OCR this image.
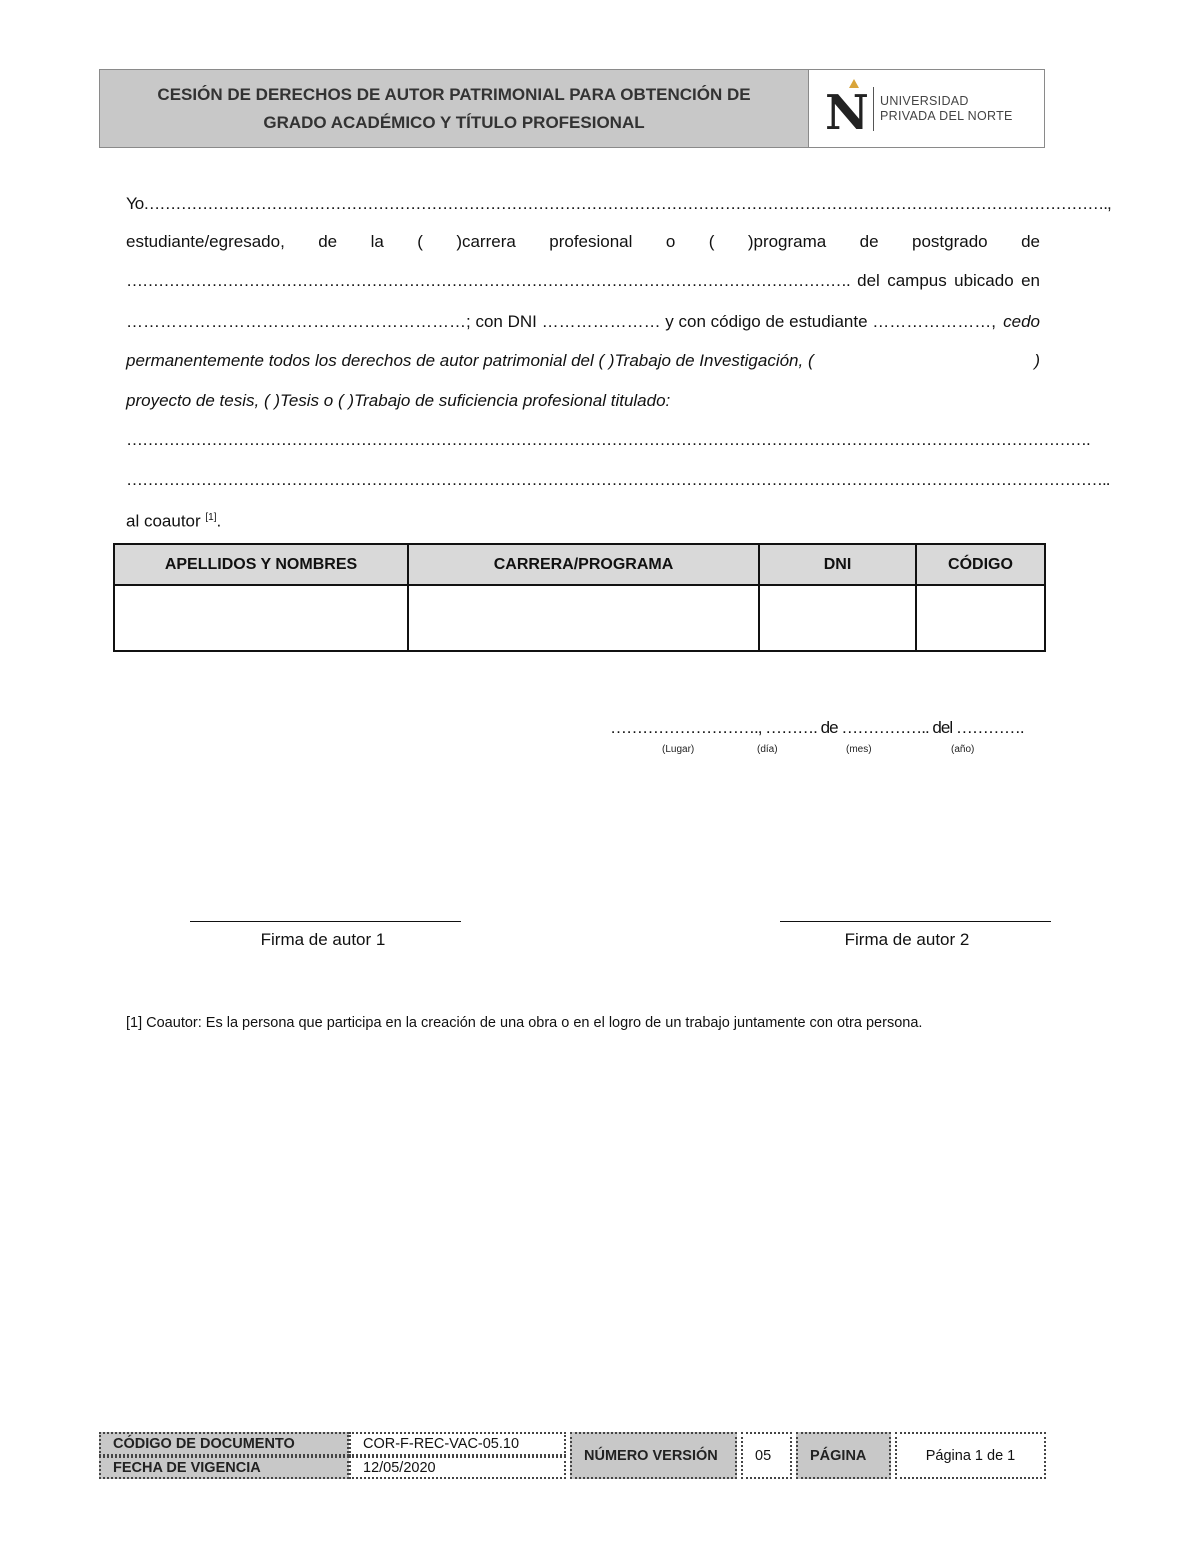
CESIÓN DE DERECHOS DE AUTOR PATRIMONIAL PARA OBTENCIÓN DE
GRADO ACADÉMICO Y TÍTULO PROFESIONAL	N UNIVERSIDAD
PRIVADA DEL NORTE
Yo……………………………………………………………………………………………………………………………………………………………….,
estudiante/egresado, de la ( )carrera profesional o ( )programa de postgrado de
………………………………………………………………………………………………………………………. del campus ubicado en
……………………………………………………; con DNI ………………… y con código de estudiante …………………, cedo
permanentemente todos los derechos de autor patrimonial del ( )Trabajo de Investigación, (	)
proyecto de tesis, ( )Tesis o ( )Trabajo de suficiencia profesional titulado:
……………………………………………………………………………………………………………………………………………………………….
…………………………………………………………………………………………………………………………………………………………………..
al coautor [1].
APELLIDOS Y NOMBRES	CARRERA/PROGRAMA	DNI	CÓDIGO

………………………., ………. de …………….. del ………….
(Lugar)	(día)	(mes)	(año)
Firma de autor 1	Firma de autor 2
[1] Coautor: Es la persona que participa en la creación de una obra o en el logro de un trabajo juntamente con otra persona.
CÓDIGO DE DOCUMENTO	COR-F-REC-VAC-05.10
FECHA DE VIGENCIA	12/05/2020
NÚMERO VERSIÓN	05	PÁGINA	Página 1 de 1
